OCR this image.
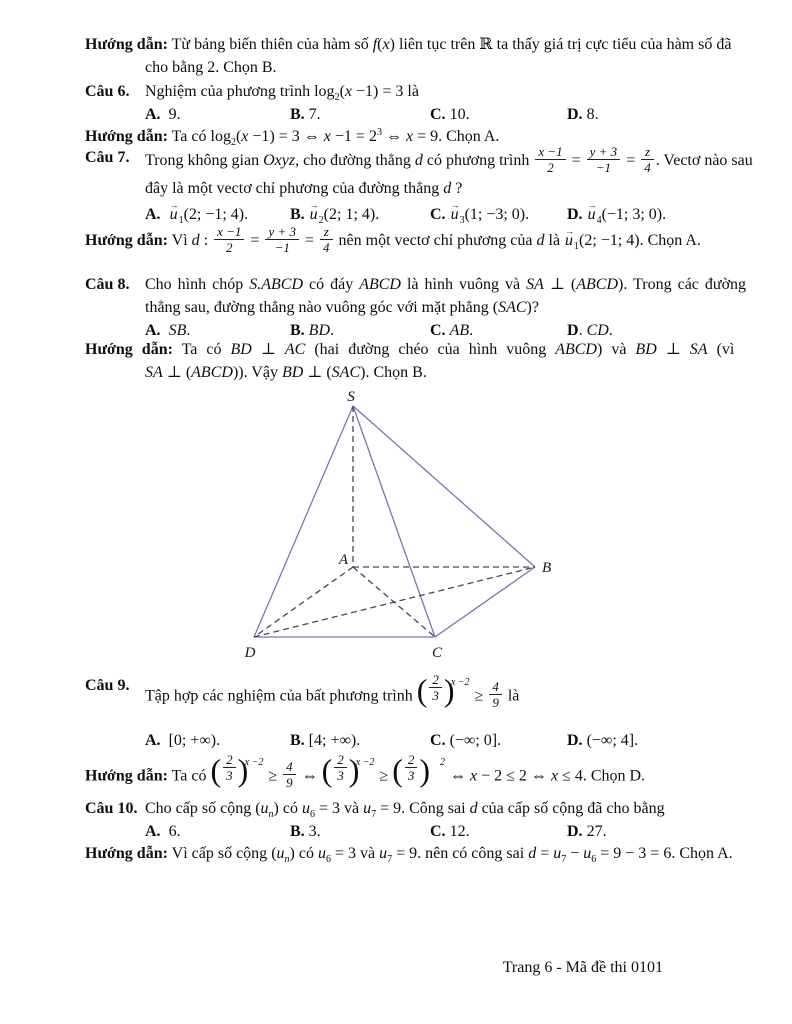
Hướng dẫn: Từ bảng biến thiên của hàm số f(x) liên tục trên ℝ ta thấy giá trị cực tiểu của hàm số đã
cho bằng 2. Chọn B.
Câu 6. Nghiệm của phương trình $\log_2(x -1) = 3$ là
A.  9.	B. 7.	C. 10.	D. 8.
Hướng dẫn: Ta có $\log_2(x -1) = 3$ ⇔ $x -1 = 2^3$ ⇔ x = 9. Chọn A.
Câu 7. Trong không gian Oxyz, cho đường thẳng d có phương trình $\frac{x -1}{2} = \frac{y + 3}{-1} = \frac{z}{4}$ . Vectơ nào sau
đây là một vectơ chỉ phương của đường thẳng d ?
A. $u \to_1(2$; −1; 4).	B. $u \to_2(2$; 1; 4).	C. $u \to_3(1$; −3; 0).	D. $u \to_4(-1$; 3; 0).
Hướng dẫn: Vì d : $\frac{x -1}{2} = \frac{y + 3}{-1} = \frac{z}{4}$ nên một vectơ chỉ phương của d là $u \to_1(2$; −1; 4). Chọn A.
Câu 8. Cho hình chóp S.ABCD có đáy ABCD là hình vuông và SA ⊥ (ABCD). Trong các đường
thẳng sau, đường thẳng nào vuông góc với mặt phẳng (SAC)?
A. SB.	B. BD.	C. AB.	D. CD.
Hướng dẫn: Ta có BD ⊥ AC (hai đường chéo của hình vuông ABCD) và BD ⊥ SA (vì
SA ⊥ (ABCD)). Vậy BD ⊥ (SAC). Chọn B.
S
A	B
C
D
Câu 9.
Tập hợp các nghiệm của bất phương trình ( $\frac{2}{3}$ )
x −2
≥ $\frac{4}{9}$ là
A.  [0; +∞).	B. [4; +∞).	C. (−∞; 0].	D. (−∞; 4].
Hướng dẫn: Ta có ( $\frac{2}{3}$ )
x −2
≥ $\frac{4}{9}$ ⇔ ( $\frac{2}{3}$ )
x −2
≥ ( $\frac{2}{3}$ ) 2
⇔ x − 2 ≤ 2 ⇔ x ≤ 4. Chọn D.
Câu 10. Cho cấp số cộng $(u_n)$ có $u_6 = 3$ và $u_7 = 9$. Công sai d của cấp số cộng đã cho bằng
A.  6.	B. 3.	C. 12.	D. 27.
Hướng dẫn: Vì cấp số cộng $(u_n)$ có $u_6 = 3$ và $u_7 = 9$. nên có công sai $d = u_7 - u_6 = 9 - 3 = 6$. Chọn A.
Trang 6 - Mã đề thi 0101
